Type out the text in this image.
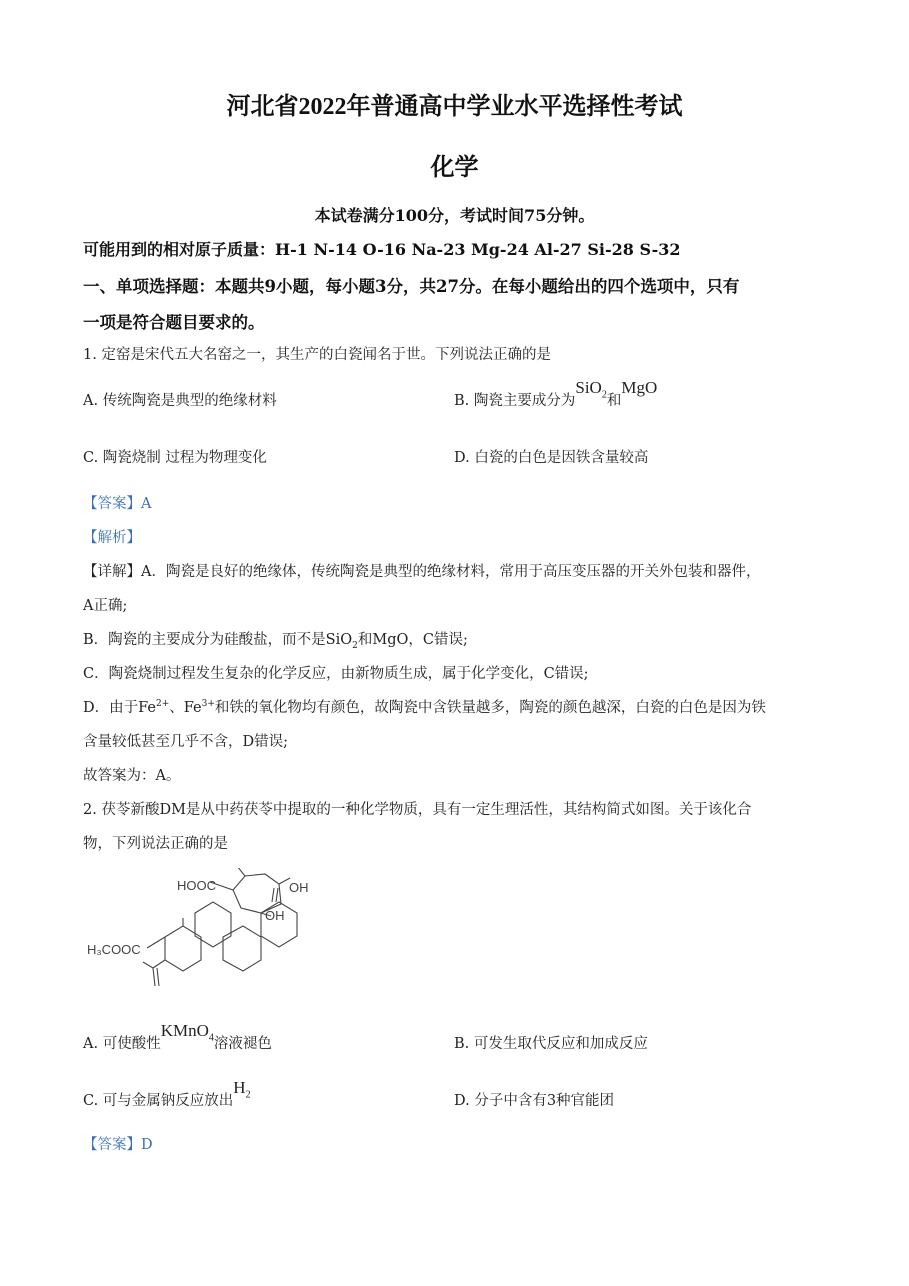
河北省2022年普通高中学业水平选择性考试
化学
本试卷满分100分，考试时间75分钟。
可能用到的相对原子质量：H-1 N-14 O-16 Na-23 Mg-24 Al-27 Si-28 S-32
一、单项选择题：本题共9小题，每小题3分，共27分。在每小题给出的四个选项中，只有
一项是符合题目要求的。
1. 定窑是宋代五大名窑之一，其生产的白瓷闻名于世。下列说法正确的是
A. 传统陶瓷是典型的绝缘材料	B. 陶瓷主要成分为SiO$_2$和MgO
C. 陶瓷烧制 过程为物理变化	D. 白瓷的白色是因铁含量较高
【答案】A
【解析】
【详解】A．陶瓷是良好的绝缘体，传统陶瓷是典型的绝缘材料，常用于高压变压器的开关外包装和器件，
A正确;
B．陶瓷的主要成分为硅酸盐，而不是SiO$_2$和MgO，C错误;
C．陶瓷烧制过程发生复杂的化学反应，由新物质生成，属于化学变化，C错误;
D．由于$Fe^{2+}$、$Fe^{3+}$和铁的氧化物均有颜色，故陶瓷中含铁量越多，陶瓷的颜色越深，白瓷的白色是因为铁
含量较低甚至几乎不含，D错误;
故答案为：A。
2. 茯苓新酸DM是从中药茯苓中提取的一种化学物质，具有一定生理活性，其结构简式如图。关于该化合
物，下列说法正确的是
HOOC	OH
OH
H₃COOC
A. 可使酸性KMnO$_4$溶液褪色	B. 可发生取代反应和加成反应
C. 可与金属钠反应放出$H_2$	D. 分子中含有3种官能团
【答案】D
